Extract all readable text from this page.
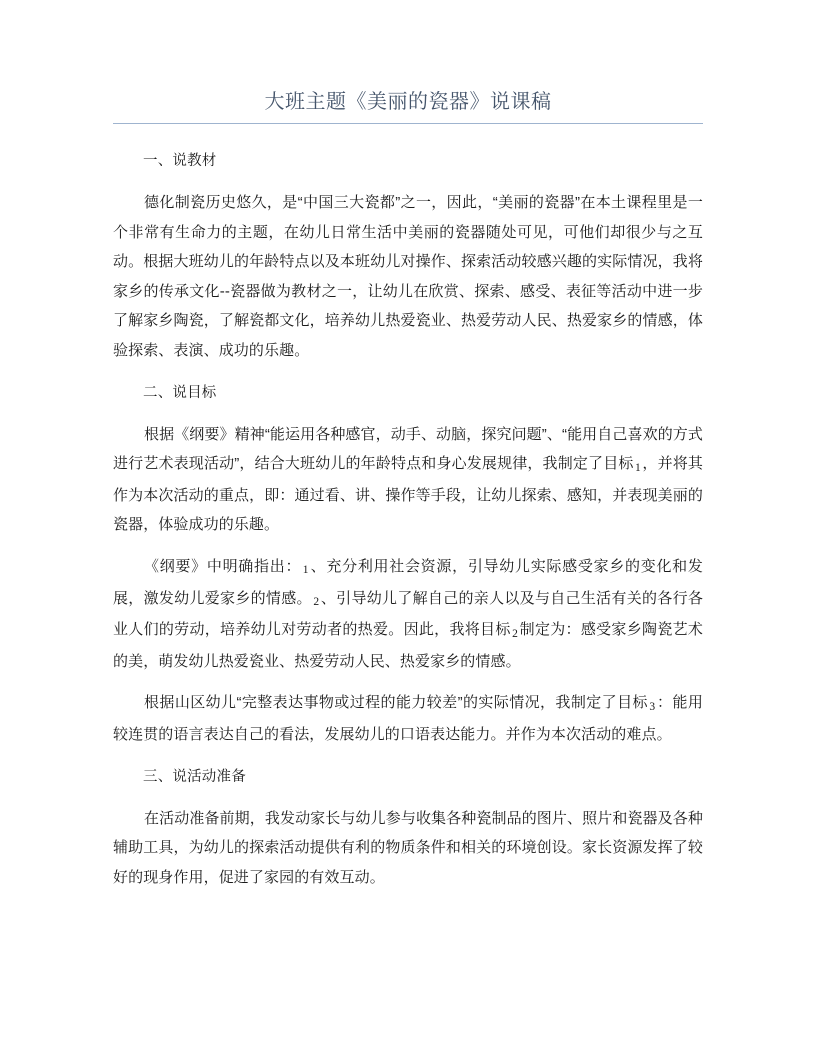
大班主题《美丽的瓷器》说课稿

一、说教材

德化制瓷历史悠久，是“中国三大瓷都”之一，因此，“美丽的瓷器”在本土课程里是一个非常有生命力的主题，在幼儿日常生活中美丽的瓷器随处可见，可他们却很少与之互动。根据大班幼儿的年龄特点以及本班幼儿对操作、探索活动较感兴趣的实际情况，我将家乡的传承文化--瓷器做为教材之一，让幼儿在欣赏、探索、感受、表征等活动中进一步了解家乡陶瓷，了解瓷都文化，培养幼儿热爱瓷业、热爱劳动人民、热爱家乡的情感，体验探索、表演、成功的乐趣。

二、说目标

根据《纲要》精神“能运用各种感官，动手、动脑，探究问题”、“能用自己喜欢的方式进行艺术表现活动”，结合大班幼儿的年龄特点和身心发展规律，我制定了目标 1 ，并将其作为本次活动的重点，即：通过看、讲、操作等手段，让幼儿探索、感知，并表现美丽的瓷器，体验成功的乐趣。

《纲要》中明确指出： 1 、充分利用社会资源，引导幼儿实际感受家乡的变化和发展，激发幼儿爱家乡的情感。 2 、引导幼儿了解自己的亲人以及与自己生活有关的各行各业人们的劳动，培养幼儿对劳动者的热爱。因此，我将目标 2 制定为：感受家乡陶瓷艺术的美，萌发幼儿热爱瓷业、热爱劳动人民、热爱家乡的情感。

根据山区幼儿“完整表达事物或过程的能力较差”的实际情况，我制定了目标 3 ：能用较连贯的语言表达自己的看法，发展幼儿的口语表达能力。并作为本次活动的难点。

三、说活动准备

在活动准备前期，我发动家长与幼儿参与收集各种瓷制品的图片、照片和瓷器及各种辅助工具，为幼儿的探索活动提供有利的物质条件和相关的环境创设。家长资源发挥了较好的现身作用，促进了家园的有效互动。
